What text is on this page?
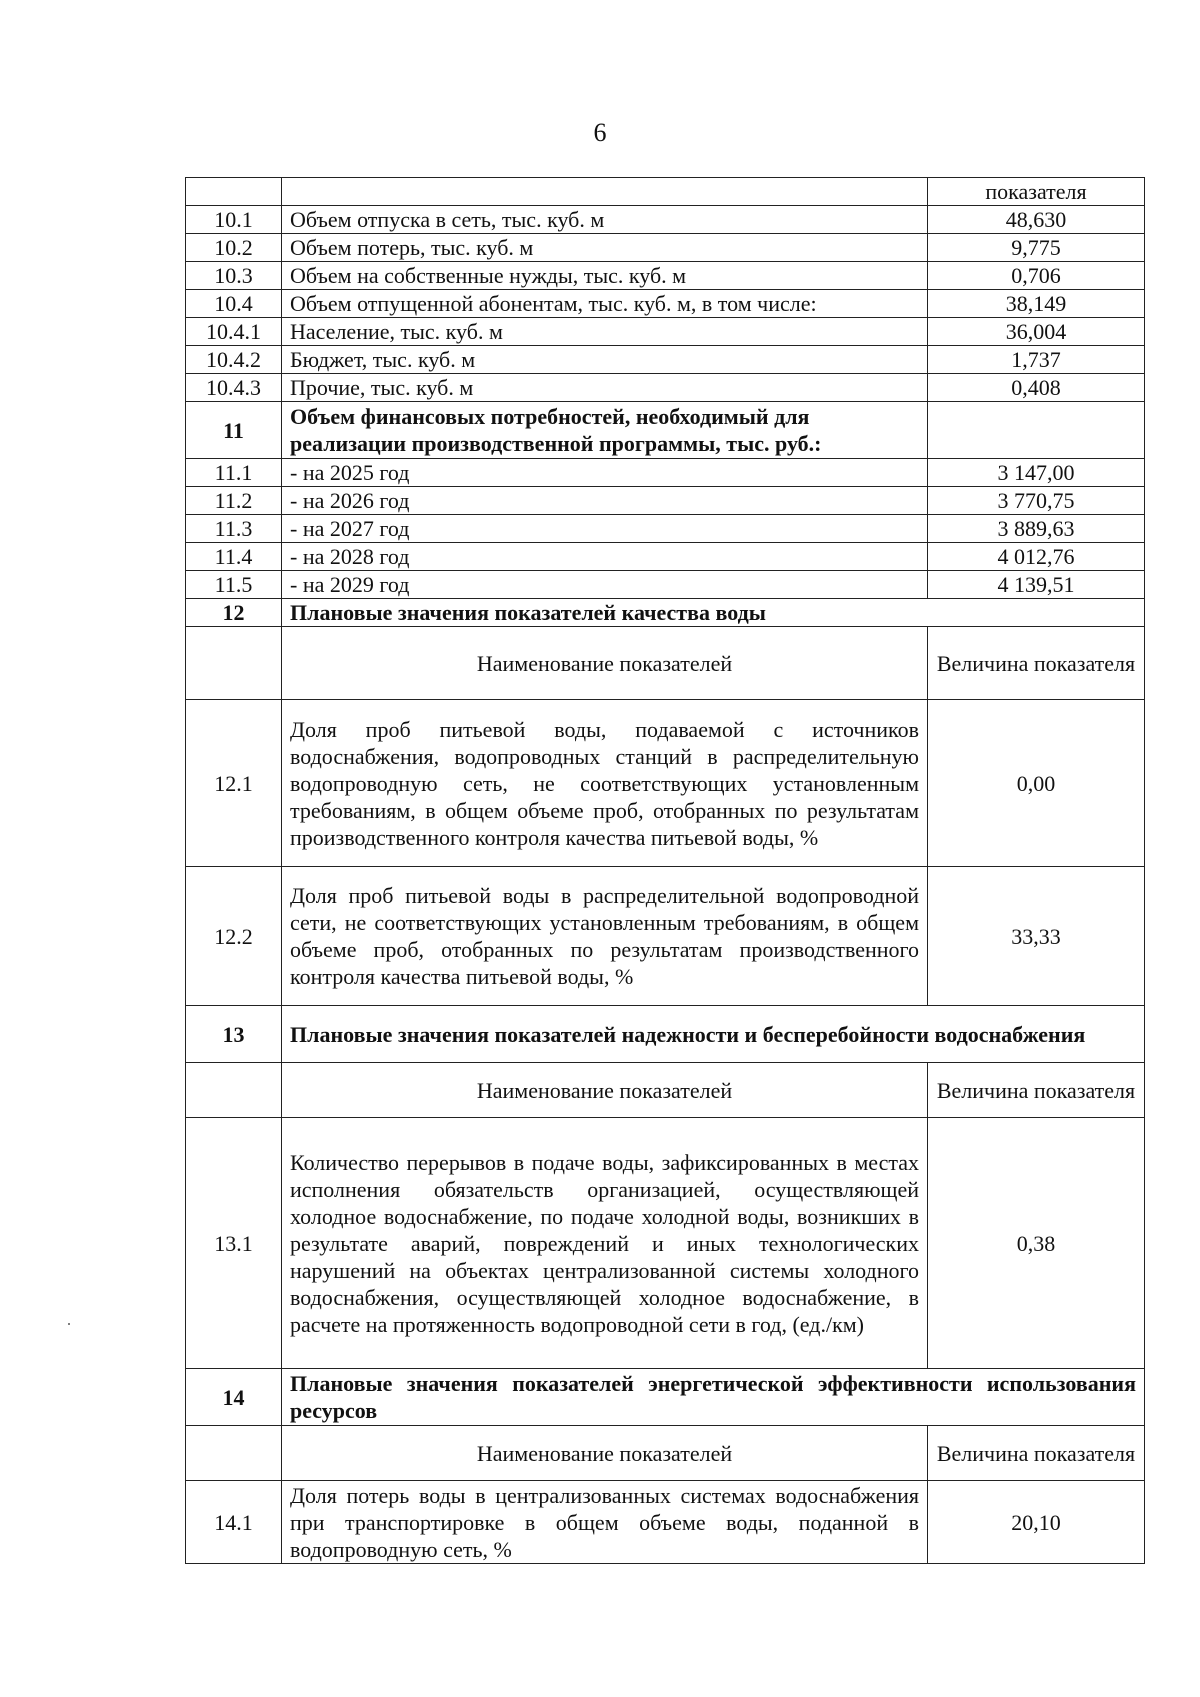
6
		показателя
10.1	Объем отпуска в сеть, тыс. куб. м	48,630
10.2	Объем потерь, тыс. куб. м	9,775
10.3	Объем на собственные нужды, тыс. куб. м	0,706
10.4	Объем отпущенной абонентам, тыс. куб. м, в том числе:	38,149
10.4.1	Население, тыс. куб. м	36,004
10.4.2	Бюджет, тыс. куб. м	1,737
10.4.3	Прочие, тыс. куб. м	0,408
11	Объем финансовых потребностей, необходимый для реализации производственной программы, тыс. руб.:	
11.1	- на 2025 год	3 147,00
11.2	- на 2026 год	3 770,75
11.3	- на 2027 год	3 889,63
11.4	- на 2028 год	4 012,76
11.5	- на 2029 год	4 139,51
12	Плановые значения показателей качества воды	
	Наименование показателей	Величина показателя
12.1	Доля проб питьевой воды, подаваемой с источников водоснабжения, водопроводных станций в распределительную водопроводную сеть, не соответствующих установленным требованиям, в общем объеме проб, отобранных по результатам производственного контроля качества питьевой воды, %	0,00
12.2	Доля проб питьевой воды в распределительной водопроводной сети, не соответствующих установленным требованиям, в общем объеме проб, отобранных по результатам производственного контроля качества питьевой воды, %	33,33
13	Плановые значения показателей надежности и бесперебойности водоснабжения	
	Наименование показателей	Величина показателя
13.1	Количество перерывов в подаче воды, зафиксированных в местах исполнения обязательств организацией, осуществляющей холодное водоснабжение, по подаче холодной воды, возникших в результате аварий, повреждений и иных технологических нарушений на объектах централизованной системы холодного водоснабжения, осуществляющей холодное водоснабжение, в расчете на протяженность водопроводной сети в год, (ед./км)	0,38
14	Плановые значения показателей энергетической эффективности использования ресурсов	
	Наименование показателей	Величина показателя
14.1	Доля потерь воды в централизованных системах водоснабжения при транспортировке в общем объеме воды, поданной в водопроводную сеть, %	20,10
